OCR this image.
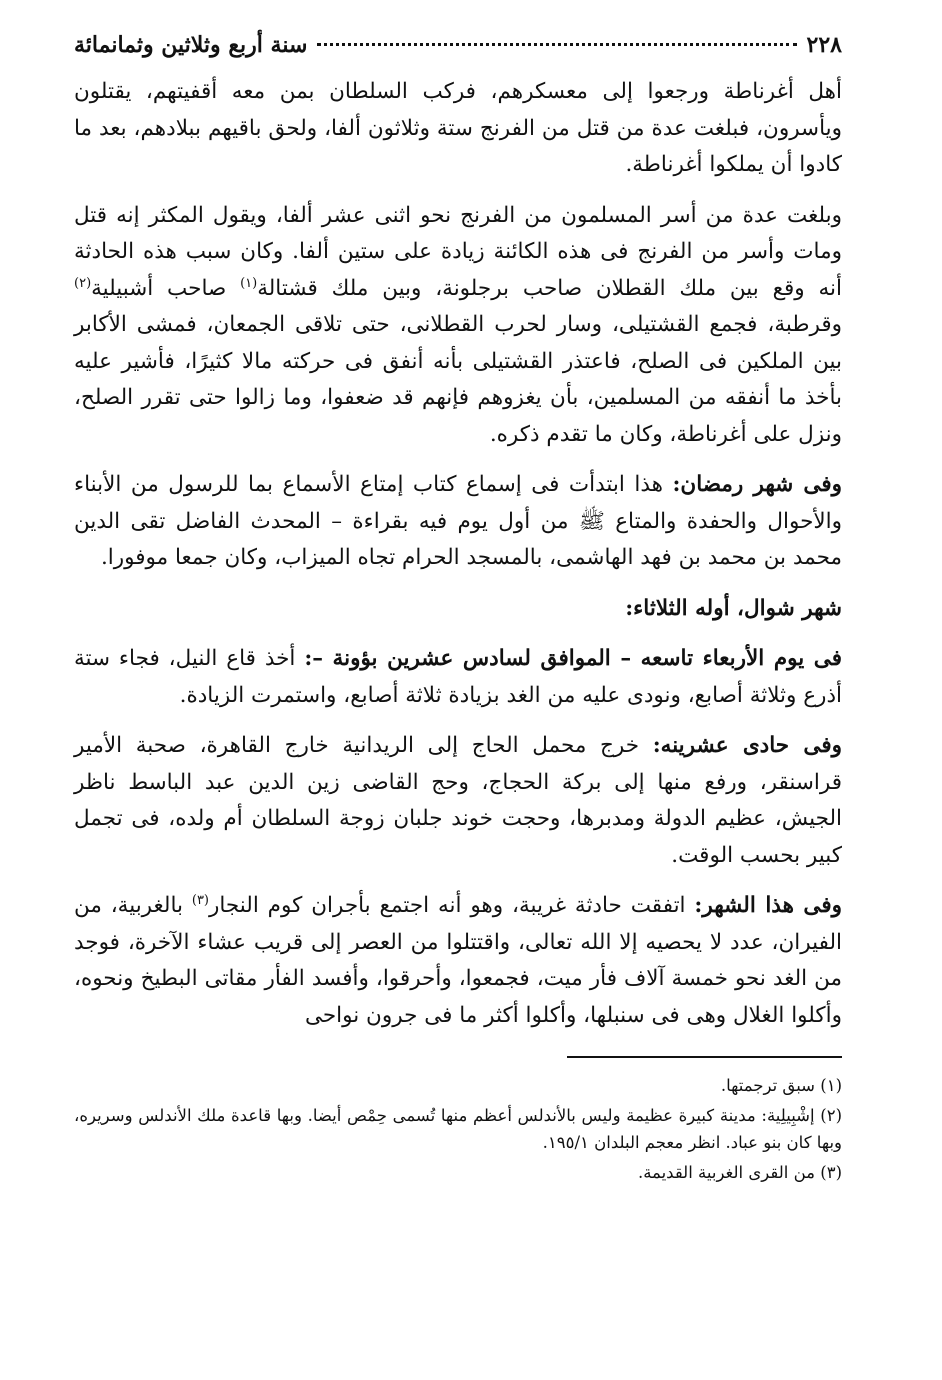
٢٢٨
سنة أربع وثلاثين وثمانمائة

أهل أغرناطة ورجعوا إلى معسكرهم، فركب السلطان بمن معه أقفيتهم، يقتلون ويأسرون، فبلغت عدة من قتل من الفرنج ستة وثلاثون ألفا، ولحق باقيهم ببلادهم، بعد ما كادوا أن يملكوا أغرناطة.

وبلغت عدة من أسر المسلمون من الفرنج نحو اثنى عشر ألفا، ويقول المكثر إنه قتل ومات وأسر من الفرنج فى هذه الكائنة زيادة على ستين ألفا. وكان سبب هذه الحادثة أنه وقع بين ملك القطلان صاحب برجلونة، وبين ملك قشتالة$^{(١)}$ صاحب أشبيلية$^{(٢)}$ وقرطبة، فجمع القشتيلى، وسار لحرب القطلانى، حتى تلاقى الجمعان، فمشى الأكابر بين الملكين فى الصلح، فاعتذر القشتيلى بأنه أنفق فى حركته مالا كثيرًا، فأشير عليه بأخذ ما أنفقه من المسلمين، بأن يغزوهم فإنهم قد ضعفوا، وما زالوا حتى تقرر الصلح، ونزل على أغرناطة، وكان ما تقدم ذكره.

وفى شهر رمضان: هذا ابتدأت فى إسماع كتاب إمتاع الأسماع بما للرسول من الأبناء والأحوال والحفدة والمتاع ﷺ من أول يوم فيه بقراءة – المحدث الفاضل تقى الدين محمد بن محمد بن فهد الهاشمى، بالمسجد الحرام تجاه الميزاب، وكان جمعا موفورا.

شهر شوال، أوله الثلاثاء:

فى يوم الأربعاء تاسعه – الموافق لسادس عشرين بؤونة –: أخذ قاع النيل، فجاء ستة أذرع وثلاثة أصابع، ونودى عليه من الغد بزيادة ثلاثة أصابع، واستمرت الزيادة.

وفى حادى عشرينه: خرج محمل الحاج إلى الريدانية خارج القاهرة، صحبة الأمير قراسنقر، ورفع منها إلى بركة الحجاج، وحج القاضى زين الدين عبد الباسط ناظر الجيش، عظيم الدولة ومدبرها، وحجت خوند جلبان زوجة السلطان أم ولده، فى تجمل كبير بحسب الوقت.

وفى هذا الشهر: اتفقت حادثة غريبة، وهو أنه اجتمع بأجران كوم النجار$^{(٣)}$ بالغربية، من الفيران، عدد لا يحصيه إلا الله تعالى، واقتتلوا من العصر إلى قريب عشاء الآخرة، فوجد من الغد نحو خمسة آلاف فأر ميت، فجمعوا، وأحرقوا، وأفسد الفأر مقاتى البطيخ ونحوه، وأكلوا الغلال وهى فى سنبلها، وأكلوا أكثر ما فى جرون نواحى

(١) سبق ترجمتها.

(٢) إشْبِيلِية: مدينة كبيرة عظيمة وليس بالأندلس أعظم منها تُسمى حِمْص أيضا. وبها قاعدة ملك الأندلس وسريره، وبها كان بنو عباد. انظر معجم البلدان ١٩٥/١.

(٣) من القرى الغربية القديمة.
